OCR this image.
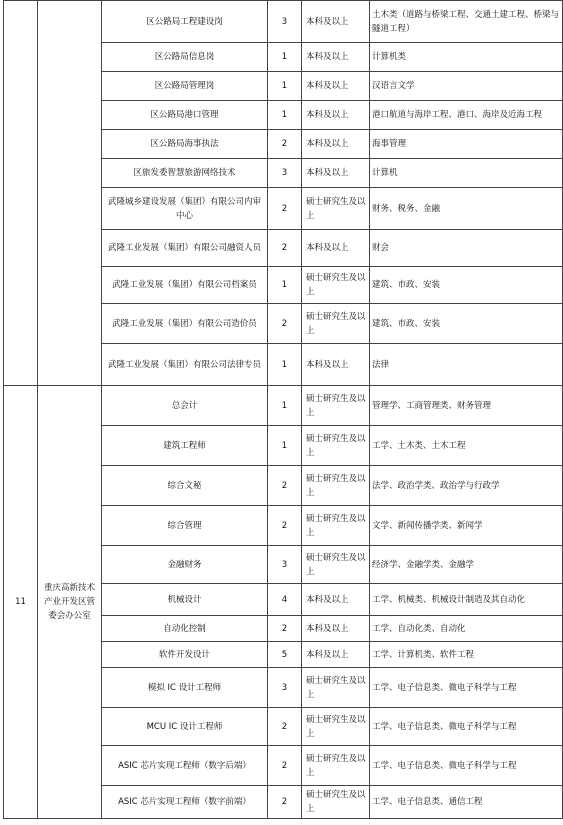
		区公路局工程建设岗	3	本科及以上	土木类（道路与桥梁工程、交通土建工程、桥梁与隧道工程）
		区公路局信息岗	1	本科及以上	计算机类
		区公路局管理岗	1	本科及以上	汉语言文学
		区公路局港口管理	1	本科及以上	港口航道与海岸工程、港口、海岸及近海工程
		区公路局海事执法	2	本科及以上	海事管理
		区旅发委智慧旅游网络技术	3	本科及以上	计算机
		武隆城乡建设发展（集团）有限公司内审中心	2	硕士研究生及以上	财务、税务、金融
		武隆工业发展（集团）有限公司融资人员	2	本科及以上	财会
		武隆工业发展（集团）有限公司档案员	1	硕士研究生及以上	建筑、市政、安装
		武隆工业发展（集团）有限公司造价员	2	硕士研究生及以上	建筑、市政、安装
		武隆工业发展（集团）有限公司法律专员	1	本科及以上	法律
11	重庆高新技术产业开发区管委会办公室	总会计	1	硕士研究生及以上	管理学、工商管理类、财务管理
		建筑工程师	1	硕士研究生及以上	工学、土木类、土木工程
		综合文秘	2	硕士研究生及以上	法学、政治学类、政治学与行政学
		综合管理	2	硕士研究生及以上	文学、新闻传播学类、新闻学
		金融财务	3	硕士研究生及以上	经济学、金融学类、金融学
		机械设计	4	本科及以上	工学、机械类、机械设计制造及其自动化
		自动化控制	2	本科及以上	工学、自动化类、自动化
		软件开发设计	5	本科及以上	工学、计算机类、软件工程
		模拟 IC 设计工程师	3	硕士研究生及以上	工学、电子信息类、微电子科学与工程
		MCU IC 设计工程师	2	硕士研究生及以上	工学、电子信息类、微电子科学与工程
		ASIC 芯片实现工程师（数字后端）	2	硕士研究生及以上	工学、电子信息类、微电子科学与工程
		ASIC 芯片实现工程师（数字前端）	2	硕士研究生及以上	工学、电子信息类、通信工程
